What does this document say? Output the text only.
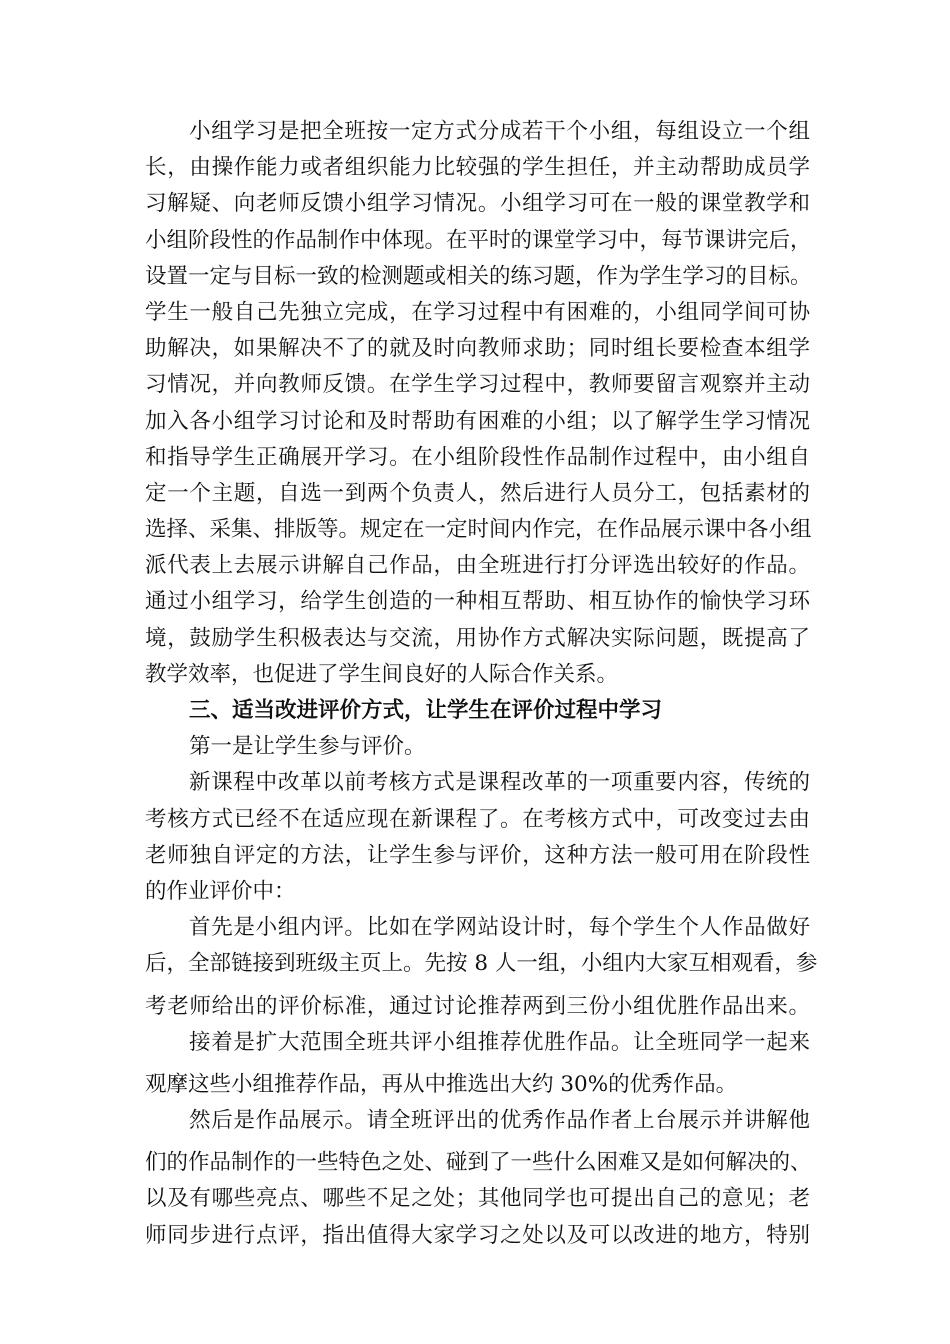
小组学习是把全班按一定方式分成若干个小组，每组设立一个组
长，由操作能力或者组织能力比较强的学生担任，并主动帮助成员学
习解疑、向老师反馈小组学习情况。小组学习可在一般的课堂教学和
小组阶段性的作品制作中体现。在平时的课堂学习中，每节课讲完后，
设置一定与目标一致的检测题或相关的练习题，作为学生学习的目标。
学生一般自己先独立完成，在学习过程中有困难的，小组同学间可协
助解决，如果解决不了的就及时向教师求助；同时组长要检查本组学
习情况，并向教师反馈。在学生学习过程中，教师要留言观察并主动
加入各小组学习讨论和及时帮助有困难的小组；以了解学生学习情况
和指导学生正确展开学习。在小组阶段性作品制作过程中，由小组自
定一个主题，自选一到两个负责人，然后进行人员分工，包括素材的
选择、采集、排版等。规定在一定时间内作完，在作品展示课中各小组
派代表上去展示讲解自己作品，由全班进行打分评选出较好的作品。
通过小组学习，给学生创造的一种相互帮助、相互协作的愉快学习环
境，鼓励学生积极表达与交流，用协作方式解决实际问题，既提高了
教学效率，也促进了学生间良好的人际合作关系。
三、适当改进评价方式，让学生在评价过程中学习
第一是让学生参与评价。
新课程中改革以前考核方式是课程改革的一项重要内容，传统的
考核方式已经不在适应现在新课程了。在考核方式中，可改变过去由
老师独自评定的方法，让学生参与评价，这种方法一般可用在阶段性
的作业评价中：
首先是小组内评。比如在学网站设计时，每个学生个人作品做好
后，全部链接到班级主页上。先按 8 人一组，小组内大家互相观看，参
考老师给出的评价标准，通过讨论推荐两到三份小组优胜作品出来。
接着是扩大范围全班共评小组推荐优胜作品。让全班同学一起来
观摩这些小组推荐作品，再从中推选出大约 30%的优秀作品。
然后是作品展示。请全班评出的优秀作品作者上台展示并讲解他
们的作品制作的一些特色之处、碰到了一些什么困难又是如何解决的、
以及有哪些亮点、哪些不足之处；其他同学也可提出自己的意见；老
师同步进行点评，指出值得大家学习之处以及可以改进的地方，特别
